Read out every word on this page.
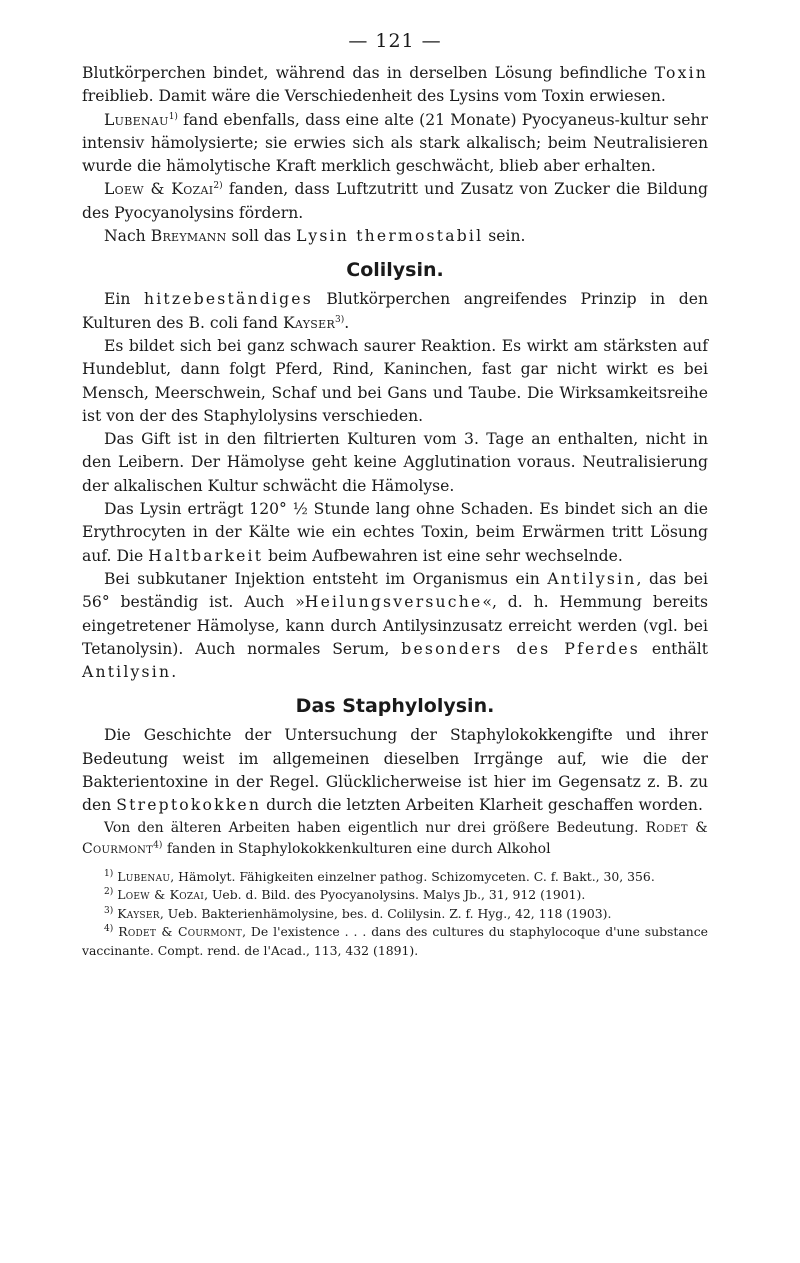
— 121 —

Blutkörperchen bindet, während das in derselben Lösung befindliche Toxin freiblieb. Damit wäre die Verschiedenheit des Lysins vom Toxin erwiesen.

Lubenau$^{1)}$ fand ebenfalls, dass eine alte (21 Monate) Pyocyaneus-kultur sehr intensiv hämolysierte; sie erwies sich als stark alkalisch; beim Neutralisieren wurde die hämolytische Kraft merklich geschwächt, blieb aber erhalten.

Loew & Kozai$^{2)}$ fanden, dass Luftzutritt und Zusatz von Zucker die Bildung des Pyocyanolysins fördern.

Nach Breymann soll das Lysin thermostabil sein.

Colilysin.

Ein hitzebeständiges Blutkörperchen angreifendes Prinzip in den Kulturen des B. coli fand Kayser$^{3)}$.

Es bildet sich bei ganz schwach saurer Reaktion. Es wirkt am stärksten auf Hundeblut, dann folgt Pferd, Rind, Kaninchen, fast gar nicht wirkt es bei Mensch, Meerschwein, Schaf und bei Gans und Taube. Die Wirksamkeitsreihe ist von der des Staphylolysins verschieden.

Das Gift ist in den filtrierten Kulturen vom 3. Tage an enthalten, nicht in den Leibern. Der Hämolyse geht keine Agglutination voraus. Neutralisierung der alkalischen Kultur schwächt die Hämolyse.

Das Lysin erträgt 120° ½ Stunde lang ohne Schaden. Es bindet sich an die Erythrocyten in der Kälte wie ein echtes Toxin, beim Erwärmen tritt Lösung auf. Die Haltbarkeit beim Aufbewahren ist eine sehr wechselnde.

Bei subkutaner Injektion entsteht im Organismus ein Antilysin, das bei 56° beständig ist. Auch »Heilungsversuche«, d. h. Hemmung bereits eingetretener Hämolyse, kann durch Antilysinzusatz erreicht werden (vgl. bei Tetanolysin). Auch normales Serum, besonders des Pferdes enthält Antilysin.

Das Staphylolysin.

Die Geschichte der Untersuchung der Staphylokokkengifte und ihrer Bedeutung weist im allgemeinen dieselben Irrgänge auf, wie die der Bakterientoxine in der Regel. Glücklicherweise ist hier im Gegensatz z. B. zu den Streptokokken durch die letzten Arbeiten Klarheit geschaffen worden.

Von den älteren Arbeiten haben eigentlich nur drei größere Bedeutung. Rodet & Courmont$^{4)}$ fanden in Staphylokokkenkulturen eine durch Alkohol

$^{1)}$ Lubenau, Hämolyt. Fähigkeiten einzelner pathog. Schizomyceten. C. f. Bakt., 30, 356.

$^{2)}$ Loew & Kozai, Ueb. d. Bild. des Pyocyanolysins. Malys Jb., 31, 912 (1901).

$^{3)}$ Kayser, Ueb. Bakterienhämolysine, bes. d. Colilysin. Z. f. Hyg., 42, 118 (1903).

$^{4)}$ Rodet & Courmont, De l'existence . . . dans des cultures du staphylocoque d'une substance vaccinante. Compt. rend. de l'Acad., 113, 432 (1891).
